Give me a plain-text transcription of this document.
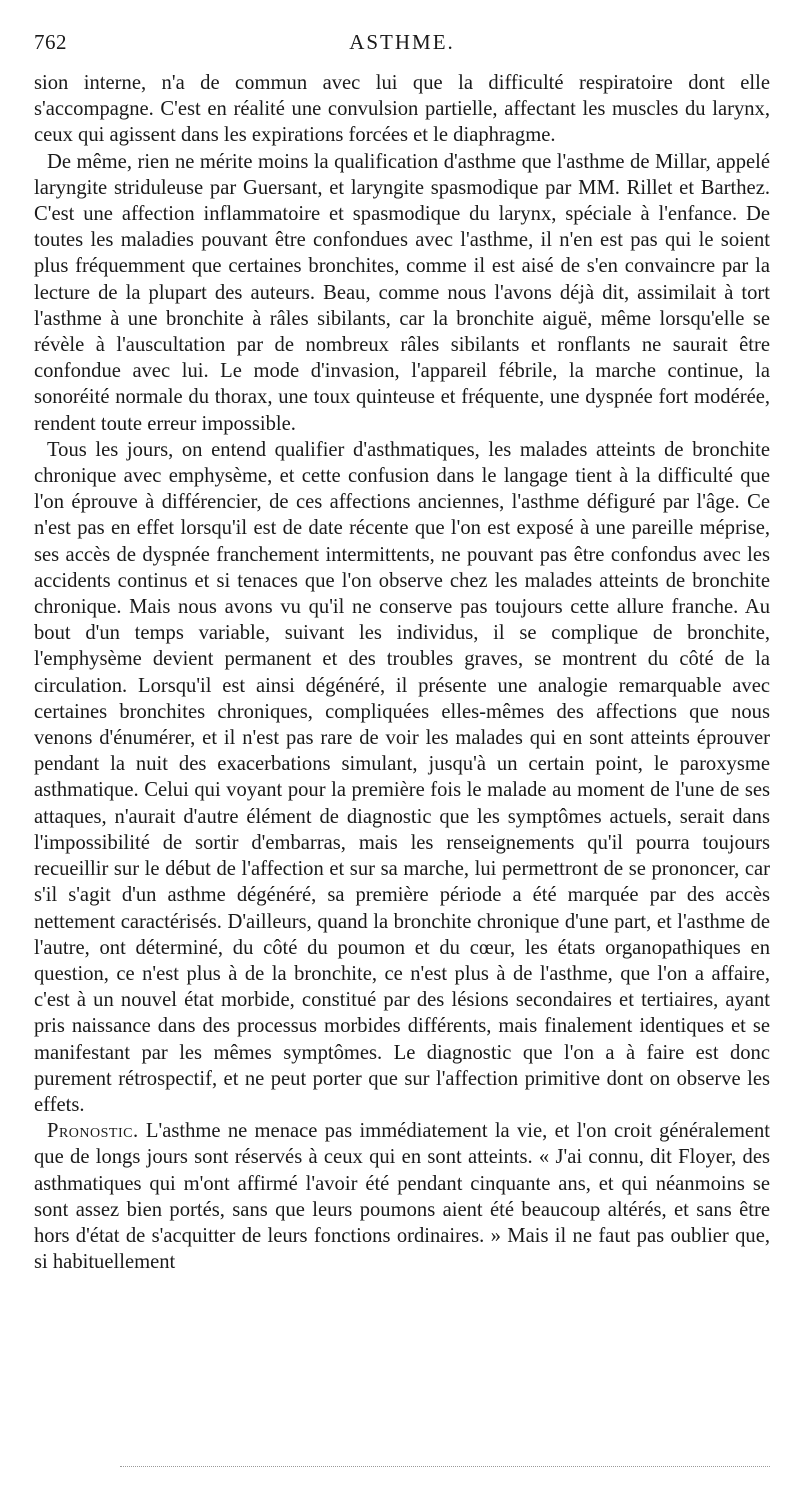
762	ASTHME.

sion interne, n'a de commun avec lui que la difficulté respiratoire dont elle s'accompagne. C'est en réalité une convulsion partielle, affectant les muscles du larynx, ceux qui agissent dans les expirations forcées et le diaphragme.

De même, rien ne mérite moins la qualification d'asthme que l'asthme de Millar, appelé laryngite striduleuse par Guersant, et laryngite spasmodique par MM. Rillet et Barthez. C'est une affection inflammatoire et spasmodique du larynx, spéciale à l'enfance. De toutes les maladies pouvant être confondues avec l'asthme, il n'en est pas qui le soient plus fréquemment que certaines bronchites, comme il est aisé de s'en convaincre par la lecture de la plupart des auteurs. Beau, comme nous l'avons déjà dit, assimilait à tort l'asthme à une bronchite à râles sibilants, car la bronchite aiguë, même lorsqu'elle se révèle à l'auscultation par de nombreux râles sibilants et ronflants ne saurait être confondue avec lui. Le mode d'invasion, l'appareil fébrile, la marche continue, la sonoréité normale du thorax, une toux quinteuse et fréquente, une dyspnée fort modérée, rendent toute erreur impossible.

Tous les jours, on entend qualifier d'asthmatiques, les malades atteints de bronchite chronique avec emphysème, et cette confusion dans le langage tient à la difficulté que l'on éprouve à différencier, de ces affections anciennes, l'asthme défiguré par l'âge. Ce n'est pas en effet lorsqu'il est de date récente que l'on est exposé à une pareille méprise, ses accès de dyspnée franchement intermittents, ne pouvant pas être confondus avec les accidents continus et si tenaces que l'on observe chez les malades atteints de bronchite chronique. Mais nous avons vu qu'il ne conserve pas toujours cette allure franche. Au bout d'un temps variable, suivant les individus, il se complique de bronchite, l'emphysème devient permanent et des troubles graves, se montrent du côté de la circulation. Lorsqu'il est ainsi dégénéré, il présente une analogie remarquable avec certaines bronchites chroniques, compliquées elles-mêmes des affections que nous venons d'énumérer, et il n'est pas rare de voir les malades qui en sont atteints éprouver pendant la nuit des exacerbations simulant, jusqu'à un certain point, le paroxysme asthmatique. Celui qui voyant pour la première fois le malade au moment de l'une de ses attaques, n'aurait d'autre élément de diagnostic que les symptômes actuels, serait dans l'impossibilité de sortir d'embarras, mais les renseignements qu'il pourra toujours recueillir sur le début de l'affection et sur sa marche, lui permettront de se prononcer, car s'il s'agit d'un asthme dégénéré, sa première période a été marquée par des accès nettement caractérisés. D'ailleurs, quand la bronchite chronique d'une part, et l'asthme de l'autre, ont déterminé, du côté du poumon et du cœur, les états organopathiques en question, ce n'est plus à de la bronchite, ce n'est plus à de l'asthme, que l'on a affaire, c'est à un nouvel état morbide, constitué par des lésions secondaires et tertiaires, ayant pris naissance dans des processus morbides différents, mais finalement identiques et se manifestant par les mêmes symptômes. Le diagnostic que l'on a à faire est donc purement rétrospectif, et ne peut porter que sur l'affection primitive dont on observe les effets.

Pronostic. L'asthme ne menace pas immédiatement la vie, et l'on croit généralement que de longs jours sont réservés à ceux qui en sont atteints. « J'ai connu, dit Floyer, des asthmatiques qui m'ont affirmé l'avoir été pendant cinquante ans, et qui néanmoins se sont assez bien portés, sans que leurs poumons aient été beaucoup altérés, et sans être hors d'état de s'acquitter de leurs fonctions ordinaires. » Mais il ne faut pas oublier que, si habituellement
